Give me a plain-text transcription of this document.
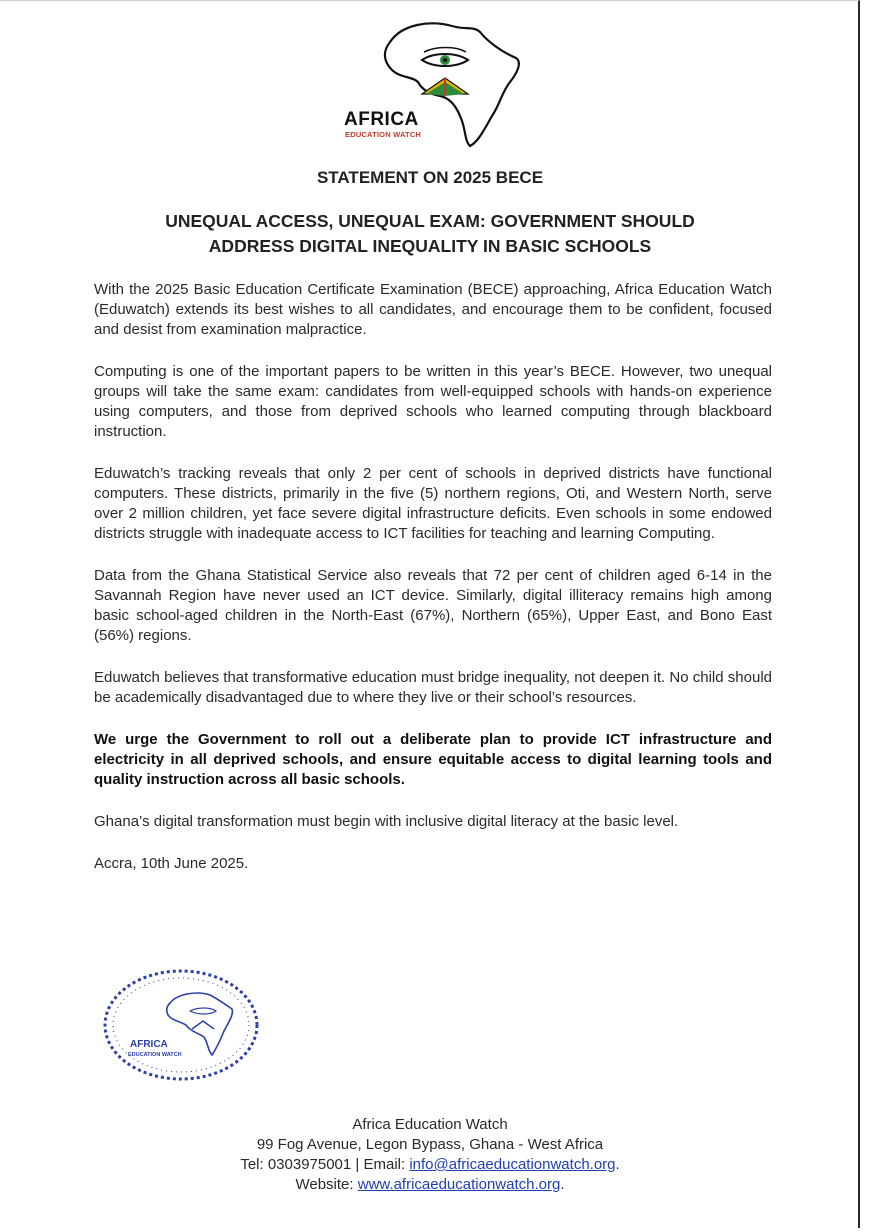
AFRICA
EDUCATION WATCH
STATEMENT ON 2025 BECE
UNEQUAL ACCESS, UNEQUAL EXAM: GOVERNMENT SHOULD
ADDRESS DIGITAL INEQUALITY IN BASIC SCHOOLS

With the 2025 Basic Education Certificate Examination (BECE) approaching, Africa Education Watch (Eduwatch) extends its best wishes to all candidates, and encourage them to be confident, focused and desist from examination malpractice.

Computing is one of the important papers to be written in this year’s BECE. However, two unequal groups will take the same exam: candidates from well-equipped schools with hands-on experience using computers, and those from deprived schools who learned computing through blackboard instruction.

Eduwatch’s tracking reveals that only 2 per cent of schools in deprived districts have functional computers. These districts, primarily in the five (5) northern regions, Oti, and Western North, serve over 2 million children, yet face severe digital infrastructure deficits. Even schools in some endowed districts struggle with inadequate access to ICT facilities for teaching and learning Computing.

Data from the Ghana Statistical Service also reveals that 72 per cent of children aged 6-14 in the Savannah Region have never used an ICT device. Similarly, digital illiteracy remains high among basic school-aged children in the North-East (67%), Northern (65%), Upper East, and Bono East (56%) regions.

Eduwatch believes that transformative education must bridge inequality, not deepen it. No child should be academically disadvantaged due to where they live or their school’s resources.

We urge the Government to roll out a deliberate plan to provide ICT infrastructure and electricity in all deprived schools, and ensure equitable access to digital learning tools and quality instruction across all basic schools.

Ghana’s digital transformation must begin with inclusive digital literacy at the basic level.

Accra, 10th June 2025.

AFRICA
EDUCATION WATCH
Africa Education Watch
99 Fog Avenue, Legon Bypass, Ghana - West Africa
Tel: 0303975001 | Email: info@africaeducationwatch.org.
Website: www.africaeducationwatch.org.
